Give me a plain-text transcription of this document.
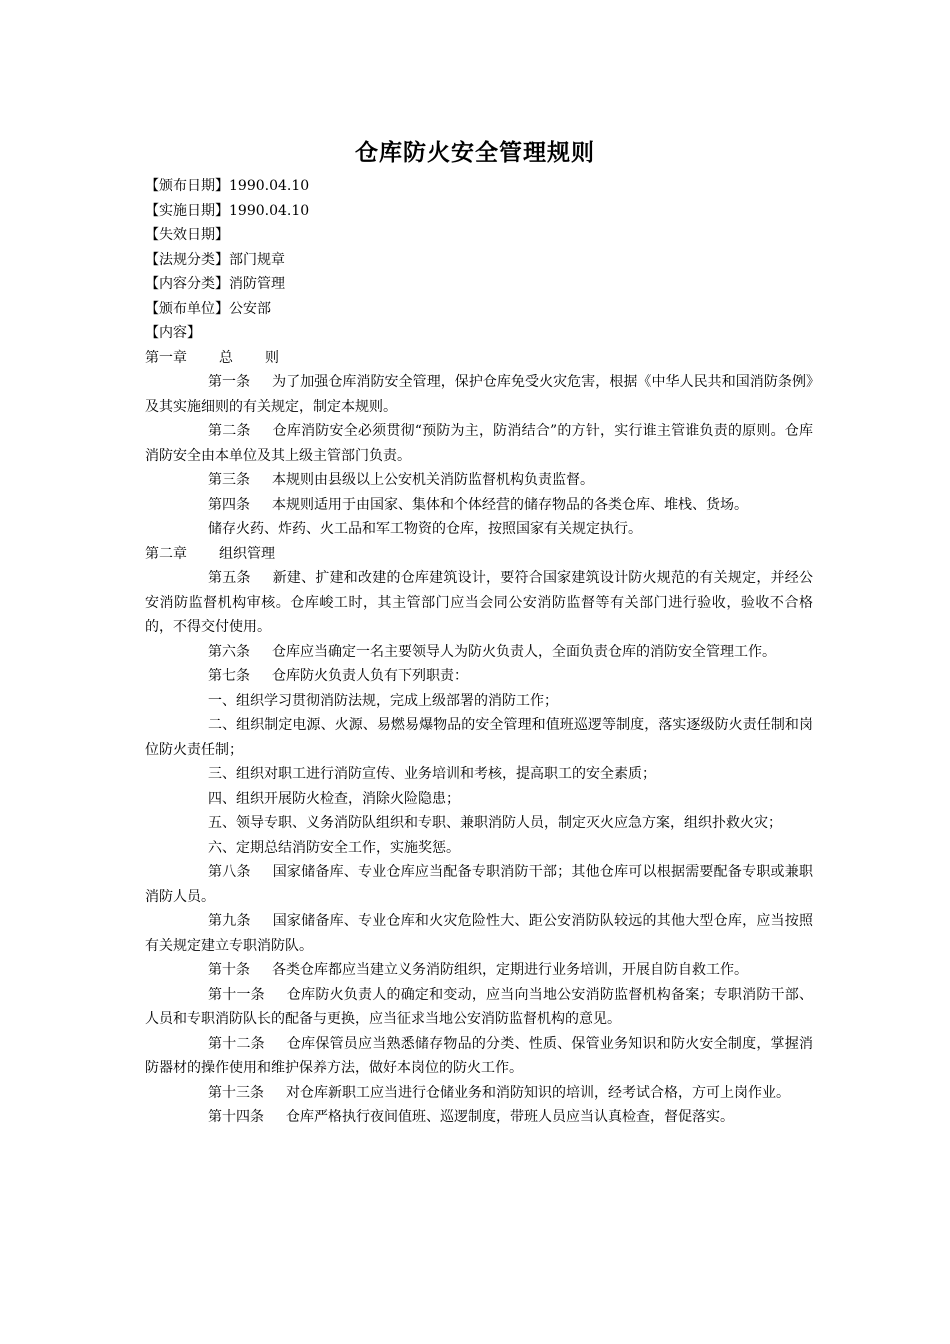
仓库防火安全管理规则

【颁布日期】1990.04.10

【实施日期】1990.04.10

【失效日期】

【法规分类】部门规章

【内容分类】消防管理

【颁布单位】公安部

【内容】

第一章 总 则

第一条 为了加强仓库消防安全管理，保护仓库免受火灾危害，根据《中华人民共和国消防条例》及其实施细则的有关规定，制定本规则。

第二条 仓库消防安全必须贯彻“预防为主，防消结合”的方针，实行谁主管谁负责的原则。仓库消防安全由本单位及其上级主管部门负责。

第三条 本规则由县级以上公安机关消防监督机构负责监督。

第四条 本规则适用于由国家、集体和个体经营的储存物品的各类仓库、堆栈、货场。

储存火药、炸药、火工品和军工物资的仓库，按照国家有关规定执行。

第二章 组织管理

第五条 新建、扩建和改建的仓库建筑设计，要符合国家建筑设计防火规范的有关规定，并经公安消防监督机构审核。仓库峻工时，其主管部门应当会同公安消防监督等有关部门进行验收，验收不合格的，不得交付使用。

第六条 仓库应当确定一名主要领导人为防火负责人，全面负责仓库的消防安全管理工作。

第七条 仓库防火负责人负有下列职责：

一、组织学习贯彻消防法规，完成上级部署的消防工作；

二、组织制定电源、火源、易燃易爆物品的安全管理和值班巡逻等制度，落实逐级防火责任制和岗位防火责任制；

三、组织对职工进行消防宣传、业务培训和考核，提高职工的安全素质；

四、组织开展防火检查，消除火险隐患；

五、领导专职、义务消防队组织和专职、兼职消防人员，制定灭火应急方案，组织扑救火灾；

六、定期总结消防安全工作，实施奖惩。

第八条 国家储备库、专业仓库应当配备专职消防干部；其他仓库可以根据需要配备专职或兼职消防人员。

第九条 国家储备库、专业仓库和火灾危险性大、距公安消防队较远的其他大型仓库，应当按照有关规定建立专职消防队。

第十条 各类仓库都应当建立义务消防组织，定期进行业务培训，开展自防自救工作。

第十一条 仓库防火负责人的确定和变动，应当向当地公安消防监督机构备案；专职消防干部、人员和专职消防队长的配备与更换，应当征求当地公安消防监督机构的意见。

第十二条 仓库保管员应当熟悉储存物品的分类、性质、保管业务知识和防火安全制度，掌握消防器材的操作使用和维护保养方法，做好本岗位的防火工作。

第十三条 对仓库新职工应当进行仓储业务和消防知识的培训，经考试合格，方可上岗作业。

第十四条 仓库严格执行夜间值班、巡逻制度，带班人员应当认真检查，督促落实。
